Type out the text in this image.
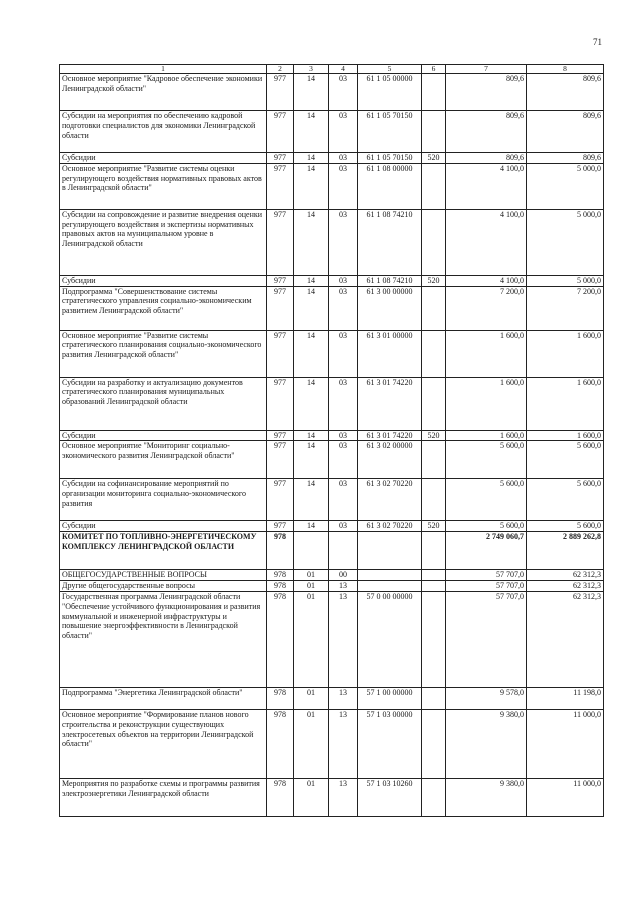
71
1	2	3	4	5	6	7	8
Основное мероприятие "Кадровое обеспечение экономики Ленинградской области"	977	14	03	61 1 05 00000		809,6	809,6
Субсидии на мероприятия по обеспечению кадровой подготовки специалистов для экономики Ленинградской области	977	14	03	61 1 05 70150		809,6	809,6
Субсидии	977	14	03	61 1 05 70150	520	809,6	809,6
Основное мероприятие "Развитие системы оценки регулирующего воздействия нормативных правовых актов в Ленинградской области"	977	14	03	61 1 08 00000		4 100,0	5 000,0
Субсидии на сопровождение и развитие внедрения оценки регулирующего воздействия и экспертизы нормативных правовых актов на муниципальном уровне в Ленинградской области	977	14	03	61 1 08 74210		4 100,0	5 000,0
Субсидии	977	14	03	61 1 08 74210	520	4 100,0	5 000,0
Подпрограмма "Совершенствование системы стратегического управления социально-экономическим развитием Ленинградской области"	977	14	03	61 3 00 00000		7 200,0	7 200,0
Основное мероприятие "Развитие системы стратегического планирования социально-экономического развития Ленинградской области"	977	14	03	61 3 01 00000		1 600,0	1 600,0
Субсидии на разработку и актуализацию документов стратегического планирования муниципальных образований Ленинградской области	977	14	03	61 3 01 74220		1 600,0	1 600,0
Субсидии	977	14	03	61 3 01 74220	520	1 600,0	1 600,0
Основное мероприятие "Мониторинг социально-экономического развития Ленинградской области"	977	14	03	61 3 02 00000		5 600,0	5 600,0
Субсидии на софинансирование мероприятий по организации мониторинга социально-экономического развития	977	14	03	61 3 02 70220		5 600,0	5 600,0
Субсидии	977	14	03	61 3 02 70220	520	5 600,0	5 600,0
КОМИТЕТ ПО ТОПЛИВНО-ЭНЕРГЕТИЧЕСКОМУ КОМПЛЕКСУ ЛЕНИНГРАДСКОЙ ОБЛАСТИ	978					2 749 060,7	2 889 262,8
ОБЩЕГОСУДАРСТВЕННЫЕ ВОПРОСЫ	978	01	00			57 707,0	62 312,3
Другие общегосударственные вопросы	978	01	13			57 707,0	62 312,3
Государственная программа Ленинградской области "Обеспечение устойчивого функционирования и развития коммунальной и инженерной инфраструктуры и повышение энергоэффективности в Ленинградской области"	978	01	13	57 0 00 00000		57 707,0	62 312,3
Подпрограмма "Энергетика Ленинградской области"	978	01	13	57 1 00 00000		9 578,0	11 198,0
Основное мероприятие "Формирование планов нового строительства и реконструкции существующих электросетевых объектов на территории Ленинградской области"	978	01	13	57 1 03 00000		9 380,0	11 000,0
Мероприятия по разработке схемы и программы развития электроэнергетики Ленинградской области	978	01	13	57 1 03 10260		9 380,0	11 000,0
